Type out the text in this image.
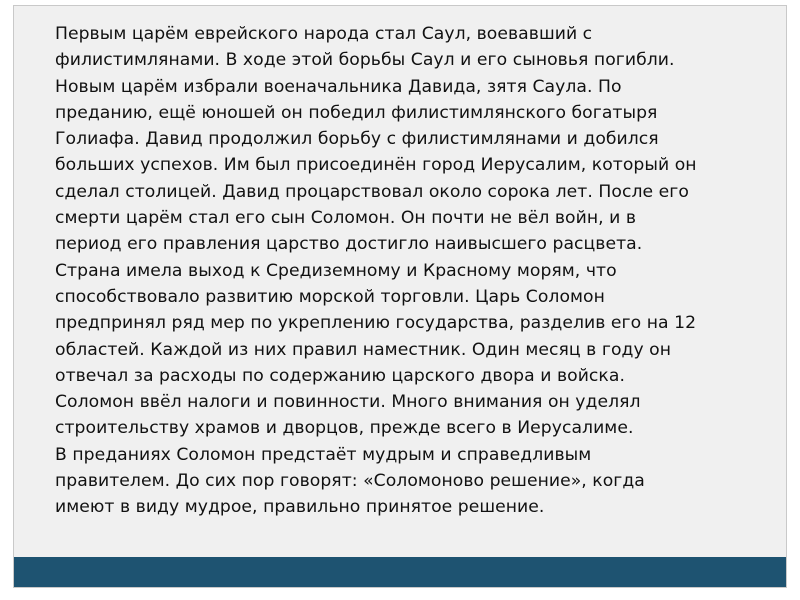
Первым царём еврейского народа стал Саул, воевавший с
филистимлянами. В ходе этой борьбы Саул и его сыновья погибли.
Новым царём избрали военачальника Давида, зятя Саула. По
преданию, ещё юношей он победил филистимлянского богатыря
Голиафа. Давид продолжил борьбу с филистимлянами и добился
больших успехов. Им был присоединён город Иерусалим, который он
сделал столицей. Давид процарствовал около сорока лет. После его
смерти царём стал его сын Соломон. Он почти не вёл войн, и в
период его правления царство достигло наивысшего расцвета.
Страна имела выход к Средиземному и Красному морям, что
способствовало развитию морской торговли. Царь Соломон
предпринял ряд мер по укреплению государства, разделив его на 12
областей. Каждой из них правил наместник. Один месяц в году он
отвечал за расходы по содержанию царского двора и войска.
Соломон ввёл налоги и повинности. Много внимания он уделял
строительству храмов и дворцов, прежде всего в Иерусалиме.
В преданиях Соломон предстаёт мудрым и справедливым
правителем. До сих пор говорят: «Соломоново решение», когда
имеют в виду мудрое, правильно принятое решение.
